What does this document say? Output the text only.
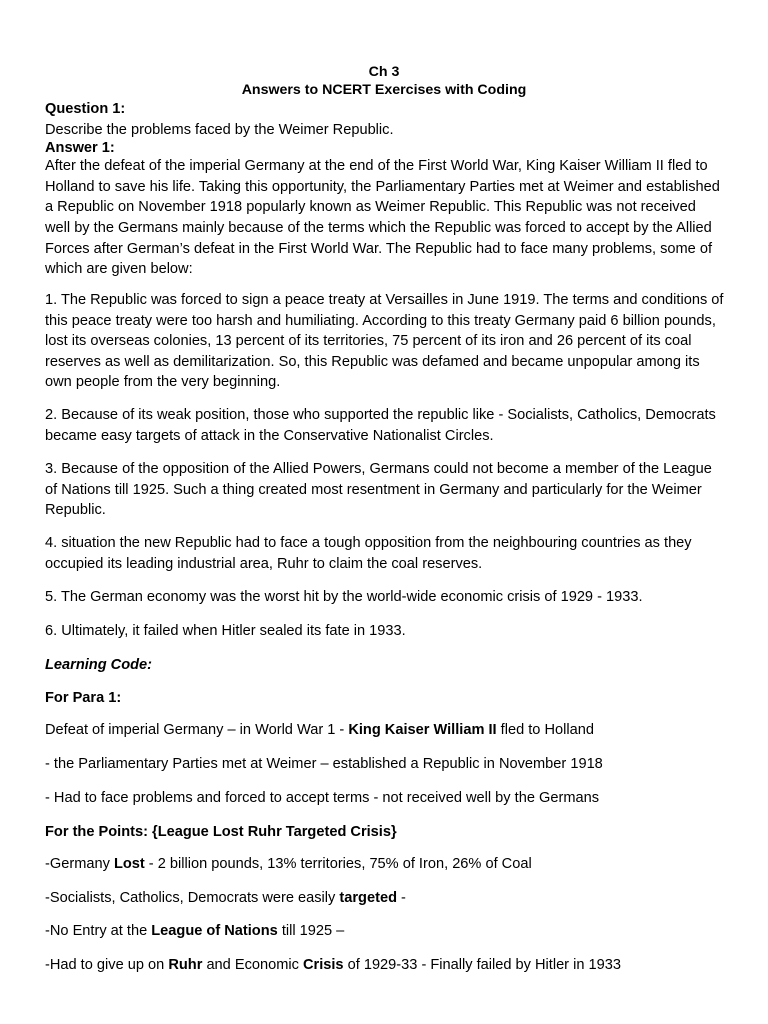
Ch 3
Answers to NCERT Exercises with Coding
Question 1:
Describe the problems faced by the Weimer Republic.
Answer 1:
After the defeat of the imperial Germany at the end of the First World War, King Kaiser William II fled to Holland to save his life. Taking this opportunity, the Parliamentary Parties met at Weimer and established a Republic on November 1918 popularly known as Weimer Republic. This Republic was not received well by the Germans mainly because of the terms which the Republic was forced to accept by the Allied Forces after German’s defeat in the First World War. The Republic had to face many problems, some of which are given below:
1. The Republic was forced to sign a peace treaty at Versailles in June 1919. The terms and conditions of this peace treaty were too harsh and humiliating. According to this treaty Germany paid 6 billion pounds, lost its overseas colonies, 13 percent of its territories, 75 percent of its iron and 26 percent of its coal reserves as well as demilitarization. So, this Republic was defamed and became unpopular among its own people from the very beginning.
2. Because of its weak position, those who supported the republic like - Socialists, Catholics, Democrats became easy targets of attack in the Conservative Nationalist Circles.
3. Because of the opposition of the Allied Powers, Germans could not become a member of the League of Nations till 1925. Such a thing created most resentment in Germany and particularly for the Weimer Republic.
4. situation the new Republic had to face a tough opposition from the neighbouring countries as they occupied its leading industrial area, Ruhr to claim the coal reserves.
5. The German economy was the worst hit by the world-wide economic crisis of 1929 - 1933.
6. Ultimately, it failed when Hitler sealed its fate in 1933.
Learning Code:
For Para 1:
Defeat of imperial Germany – in World War 1 - King Kaiser William II fled to Holland
- the Parliamentary Parties met at Weimer – established a Republic in November 1918
- Had to face problems and forced to accept terms - not received well by the Germans
For the Points: {League Lost Ruhr Targeted Crisis}
-Germany Lost - 2 billion pounds, 13% territories, 75% of Iron, 26% of Coal
-Socialists, Catholics, Democrats were easily targeted -
-No Entry at the League of Nations till 1925 –
-Had to give up on Ruhr and Economic Crisis of 1929-33 - Finally failed by Hitler in 1933
